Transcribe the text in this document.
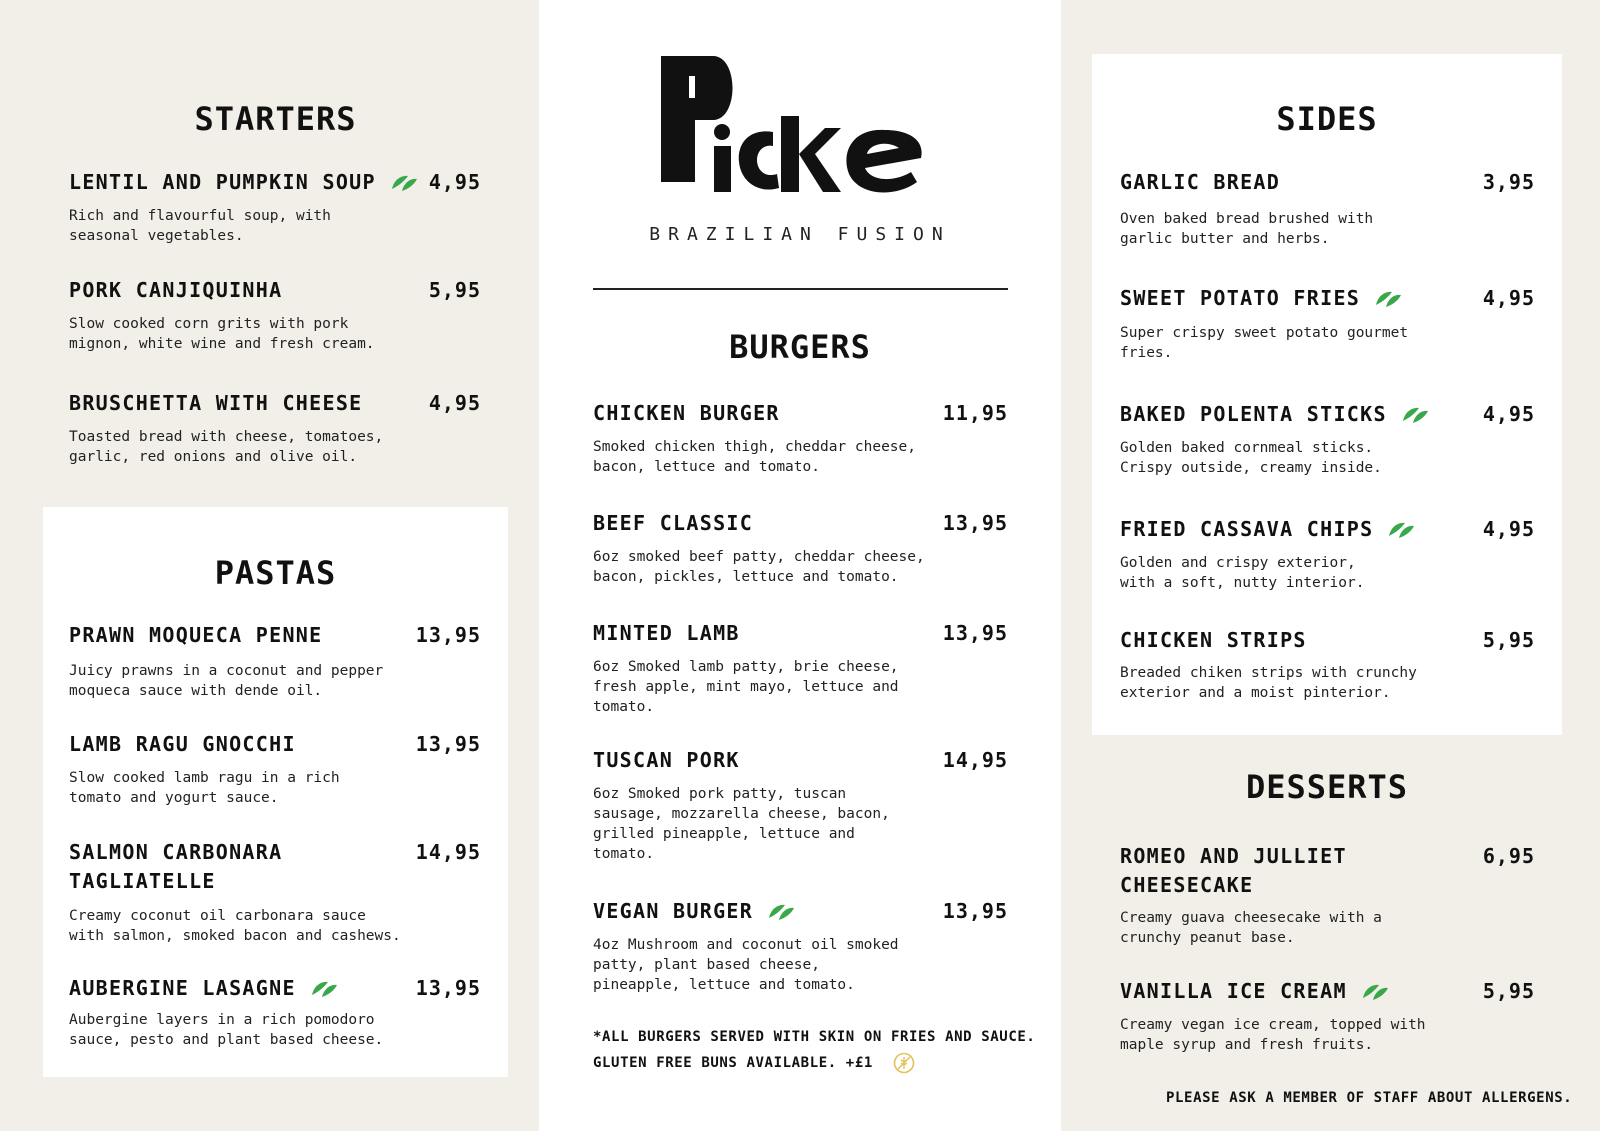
BRAZILIAN FUSION
STARTERS
LENTIL AND PUMPKIN SOUP	4,95
Rich and flavourful soup, with
seasonal vegetables.
PORK CANJIQUINHA	5,95
Slow cooked corn grits with pork
mignon, white wine and fresh cream.
BRUSCHETTA WITH CHEESE	4,95
Toasted bread with cheese, tomatoes,
garlic, red onions and olive oil.
PASTAS
PRAWN MOQUECA PENNE	13,95
Juicy prawns in a coconut and pepper
moqueca sauce with dende oil.
LAMB RAGU GNOCCHI	13,95
Slow cooked lamb ragu in a rich
tomato and yogurt sauce.
SALMON CARBONARA
TAGLIATELLE
14,95
Creamy coconut oil carbonara sauce
with salmon, smoked bacon and cashews.
AUBERGINE LASAGNE	13,95
Aubergine layers in a rich pomodoro
sauce, pesto and plant based cheese.
BURGERS
CHICKEN BURGER	11,95
Smoked chicken thigh, cheddar cheese,
bacon, lettuce and tomato.
BEEF CLASSIC	13,95
6oz smoked beef patty, cheddar cheese,
bacon, pickles, lettuce and tomato.
MINTED LAMB	13,95
6oz Smoked lamb patty, brie cheese,
fresh apple, mint mayo, lettuce and
tomato.
TUSCAN PORK	14,95
6oz Smoked pork patty, tuscan
sausage, mozzarella cheese, bacon,
grilled pineapple, lettuce and
tomato.
VEGAN BURGER	13,95
4oz Mushroom and coconut oil smoked
patty, plant based cheese,
pineapple, lettuce and tomato.
*ALL BURGERS SERVED WITH SKIN ON FRIES AND SAUCE.
GLUTEN FREE BUNS AVAILABLE. +£1
SIDES
GARLIC BREAD	3,95
Oven baked bread brushed with
garlic butter and herbs.
SWEET POTATO FRIES	4,95
Super crispy sweet potato gourmet
fries.
BAKED POLENTA STICKS	4,95
Golden baked cornmeal sticks.
Crispy outside, creamy inside.
FRIED CASSAVA CHIPS	4,95
Golden and crispy exterior,
with a soft, nutty interior.
CHICKEN STRIPS	5,95
Breaded chiken strips with crunchy
exterior and a moist pinterior.
DESSERTS
ROMEO AND JULLIET
CHEESECAKE
6,95
Creamy guava cheesecake with a
crunchy peanut base.
VANILLA ICE CREAM	5,95
Creamy vegan ice cream, topped with
maple syrup and fresh fruits.
PLEASE ASK A MEMBER OF STAFF ABOUT ALLERGENS.
